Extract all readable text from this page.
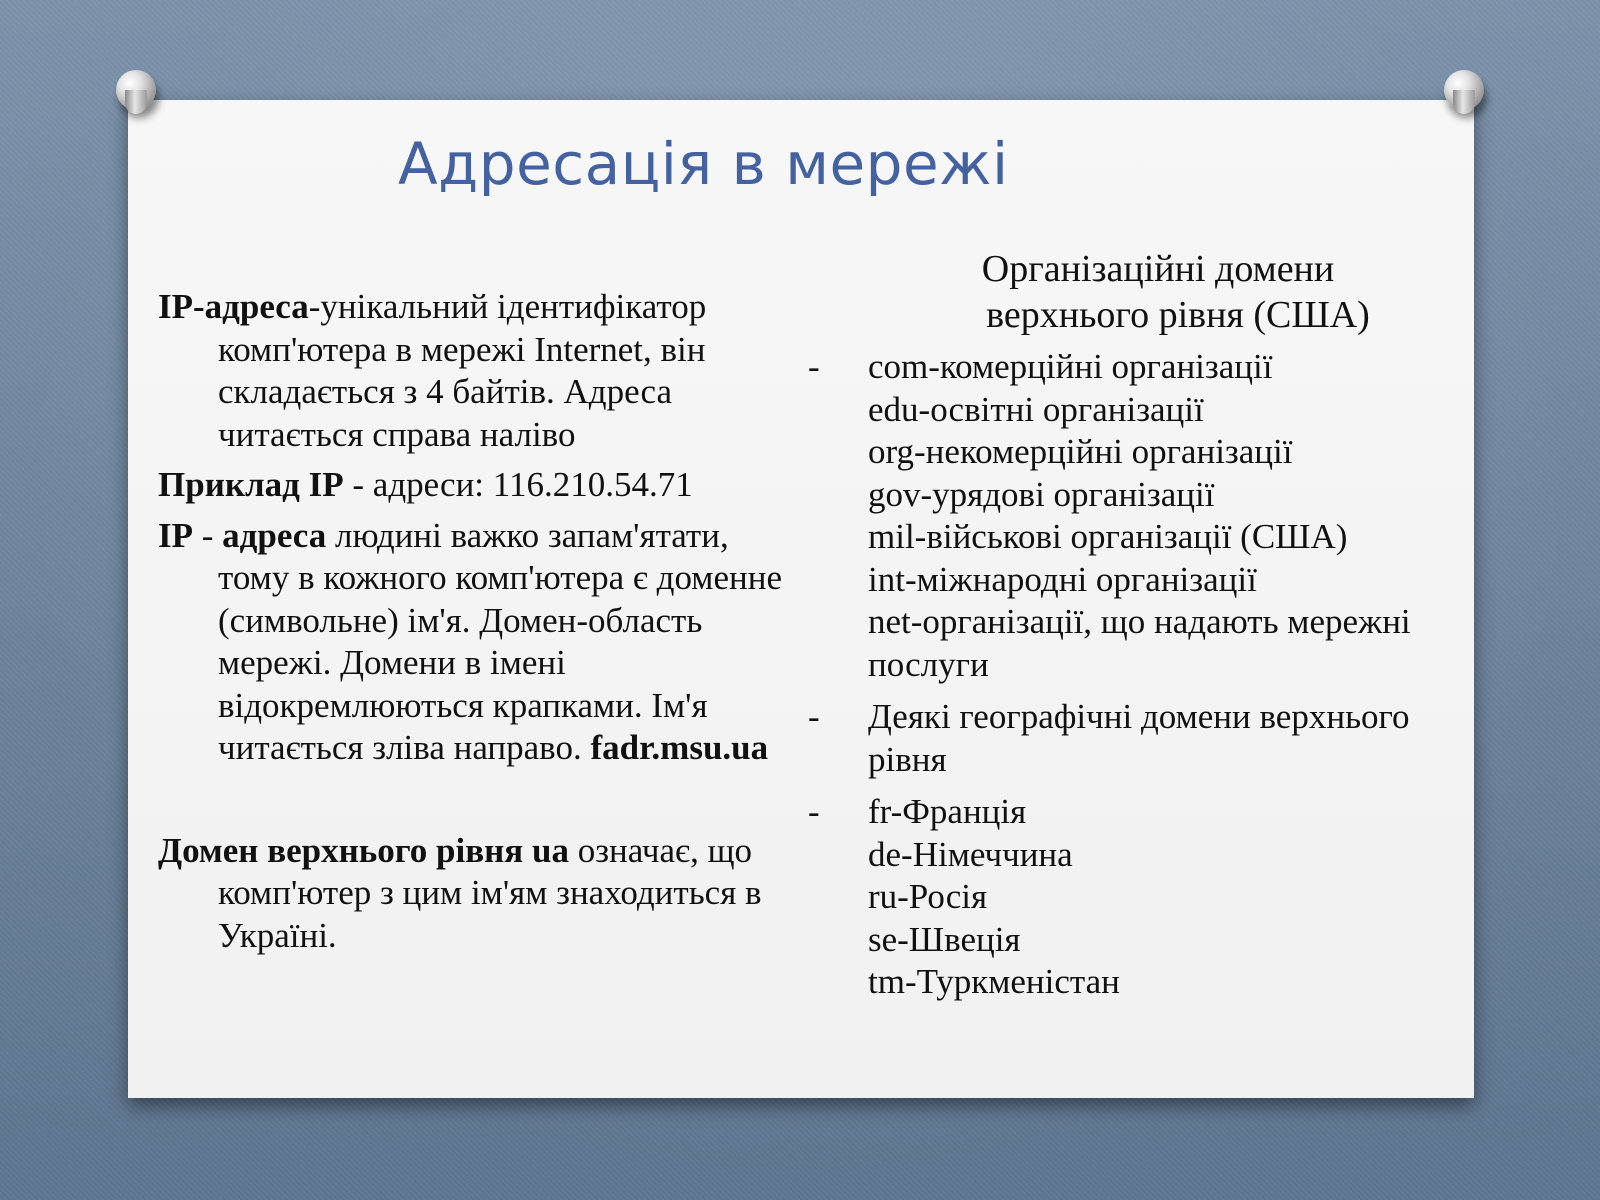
Адресація в мережі

IP-адреса-унікальний ідентифікатор комп'ютера в мережі Internet, він складається з 4 байтів. Адреса читається справа наліво

Приклад IP - адреси: 116.210.54.71

IP - адреса людині важко запам'ятати, тому в кожного комп'ютера є доменне (символьне) ім'я. Домен-область мережі. Домени в імені відокремлюються крапками. Ім'я читається зліва направо. fadr.msu.ua

Домен верхнього рівня ua означає, що комп'ютер з цим ім'ям знаходиться в Україні.

Організаційні домени
верхнього рівня (США)

- com-комерційні організації
edu-освітні організації
org-некомерційні організації
gov-урядові організації
mil-військові організації (США)
int-міжнародні організації
net-організації, що надають мережні послуги
- Деякі географічні домени верхнього рівня
- fr-Франція
de-Німеччина
ru-Росія
se-Швеція
tm-Туркменістан
